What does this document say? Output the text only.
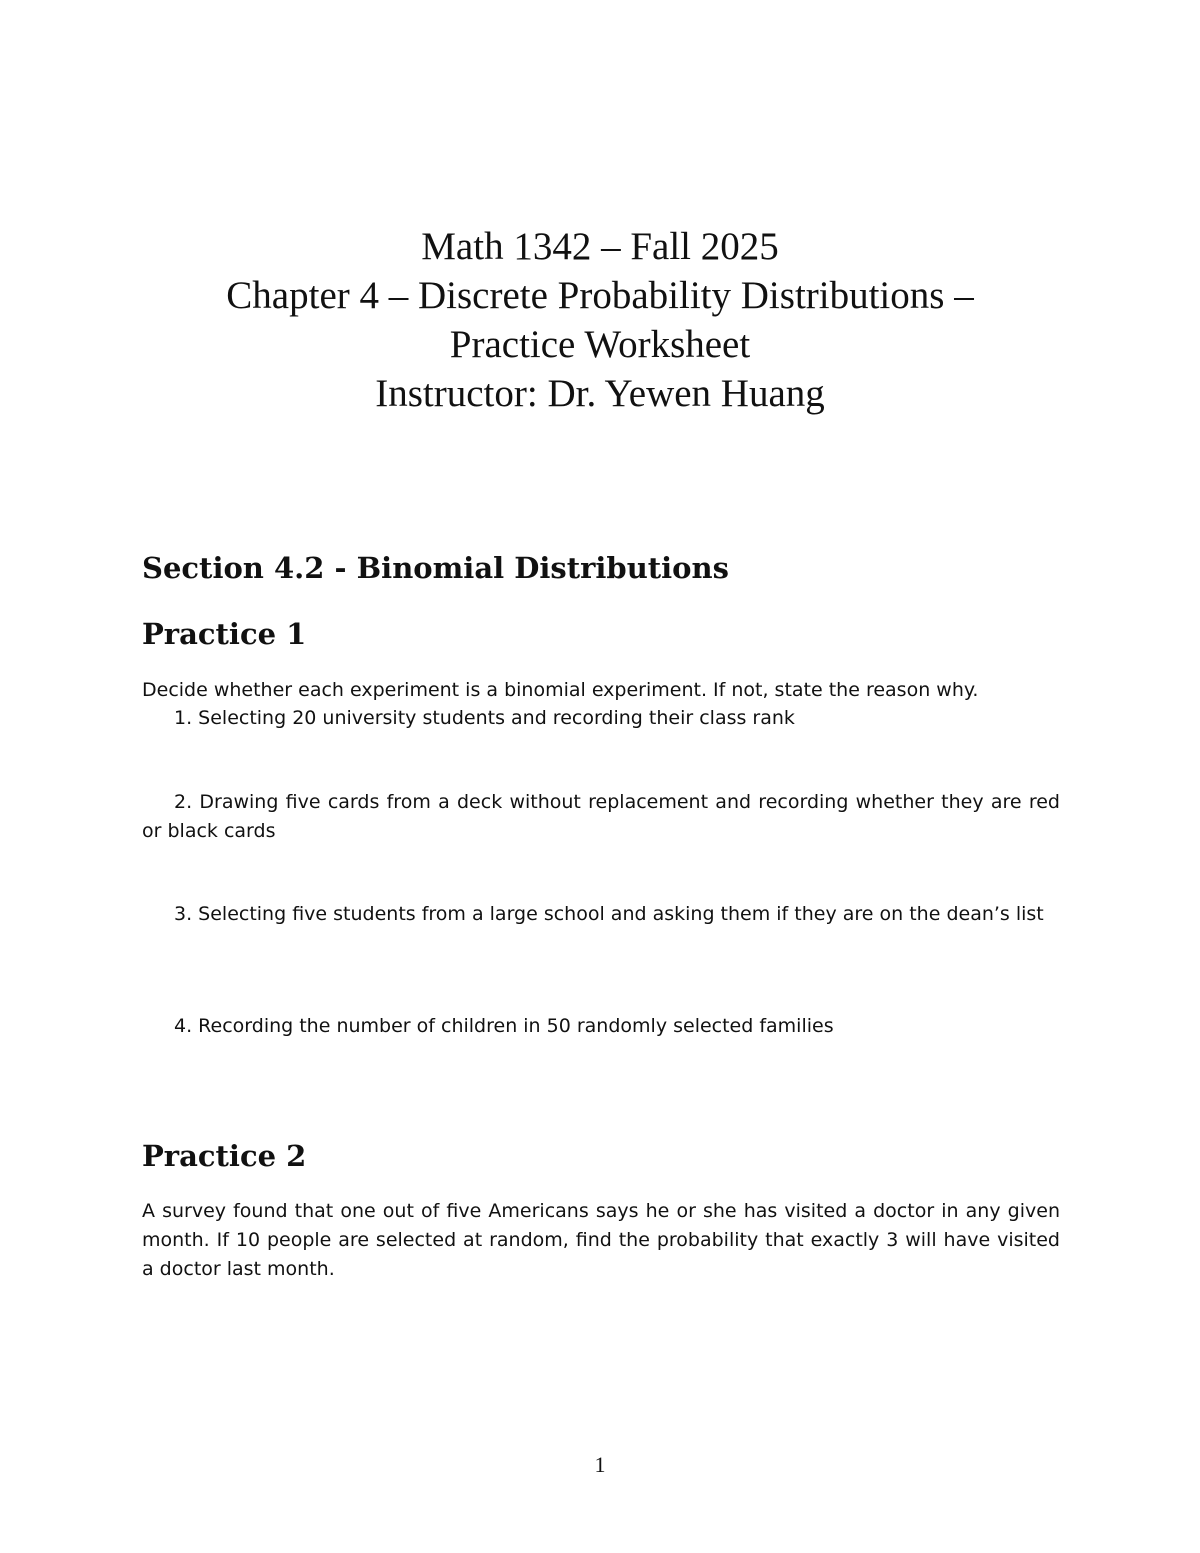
Math 1342 – Fall 2025
Chapter 4 – Discrete Probability Distributions –
Practice Worksheet
Instructor: Dr. Yewen Huang
Section 4.2 - Binomial Distributions
Practice 1

Decide whether each experiment is a binomial experiment. If not, state the reason why.

1. Selecting 20 university students and recording their class rank

2. Drawing five cards from a deck without replacement and recording whether they are red or black cards

3. Selecting five students from a large school and asking them if they are on the dean’s list

4. Recording the number of children in 50 randomly selected families

Practice 2

A survey found that one out of five Americans says he or she has visited a doctor in any given month. If 10 people are selected at random, find the probability that exactly 3 will have visited a doctor last month.

1
